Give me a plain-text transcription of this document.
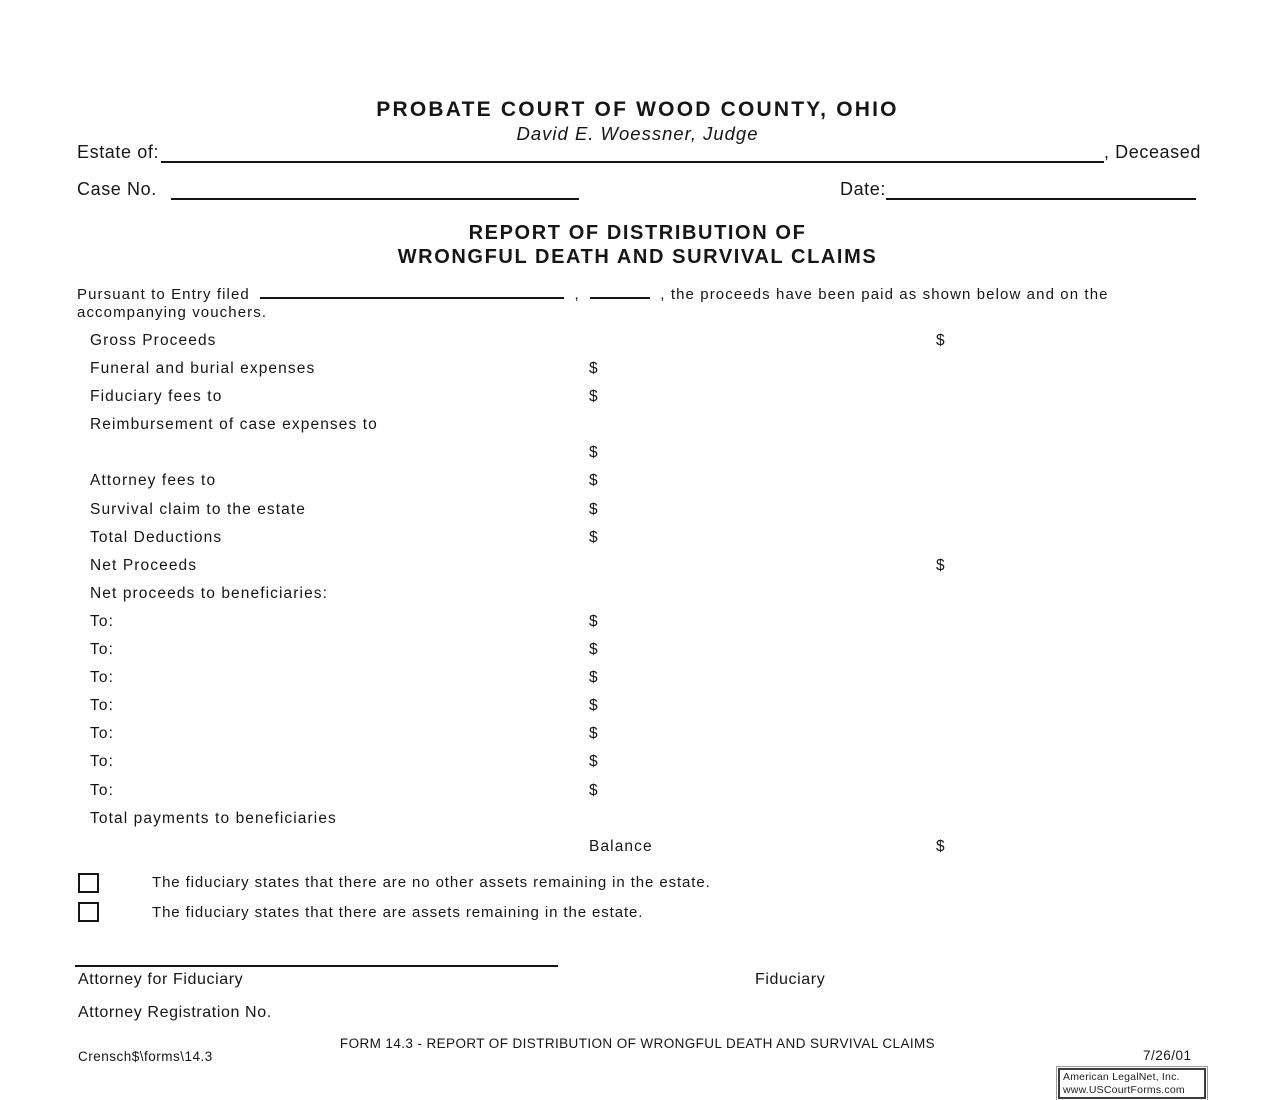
PROBATE COURT OF WOOD COUNTY, OHIO
David E. Woessner, Judge
Estate of:	, Deceased
Case No.	Date:
REPORT OF DISTRIBUTION OF
WRONGFUL DEATH AND SURVIVAL CLAIMS
Pursuant to Entry filed	,	, the proceeds have been paid as shown below and on the accompanying vouchers.
Gross Proceeds	$
Funeral and burial expenses	$
Fiduciary fees to	$
Reimbursement of case expenses to
$
Attorney fees to	$
Survival claim to the estate	$
Total Deductions	$
Net Proceeds	$
Net proceeds to beneficiaries:
To:	$
To:	$
To:	$
To:	$
To:	$
To:	$
To:	$
Total payments to beneficiaries
Balance	$
The fiduciary states that there are no other assets remaining in the estate.
The fiduciary states that there are assets remaining in the estate.
Attorney for Fiduciary	Fiduciary
Attorney Registration No.
FORM 14.3 - REPORT OF DISTRIBUTION OF WRONGFUL DEATH AND SURVIVAL CLAIMS
Crensch$\forms\14.3	7/26/01
American LegalNet, Inc.
www.USCourtForms.com
